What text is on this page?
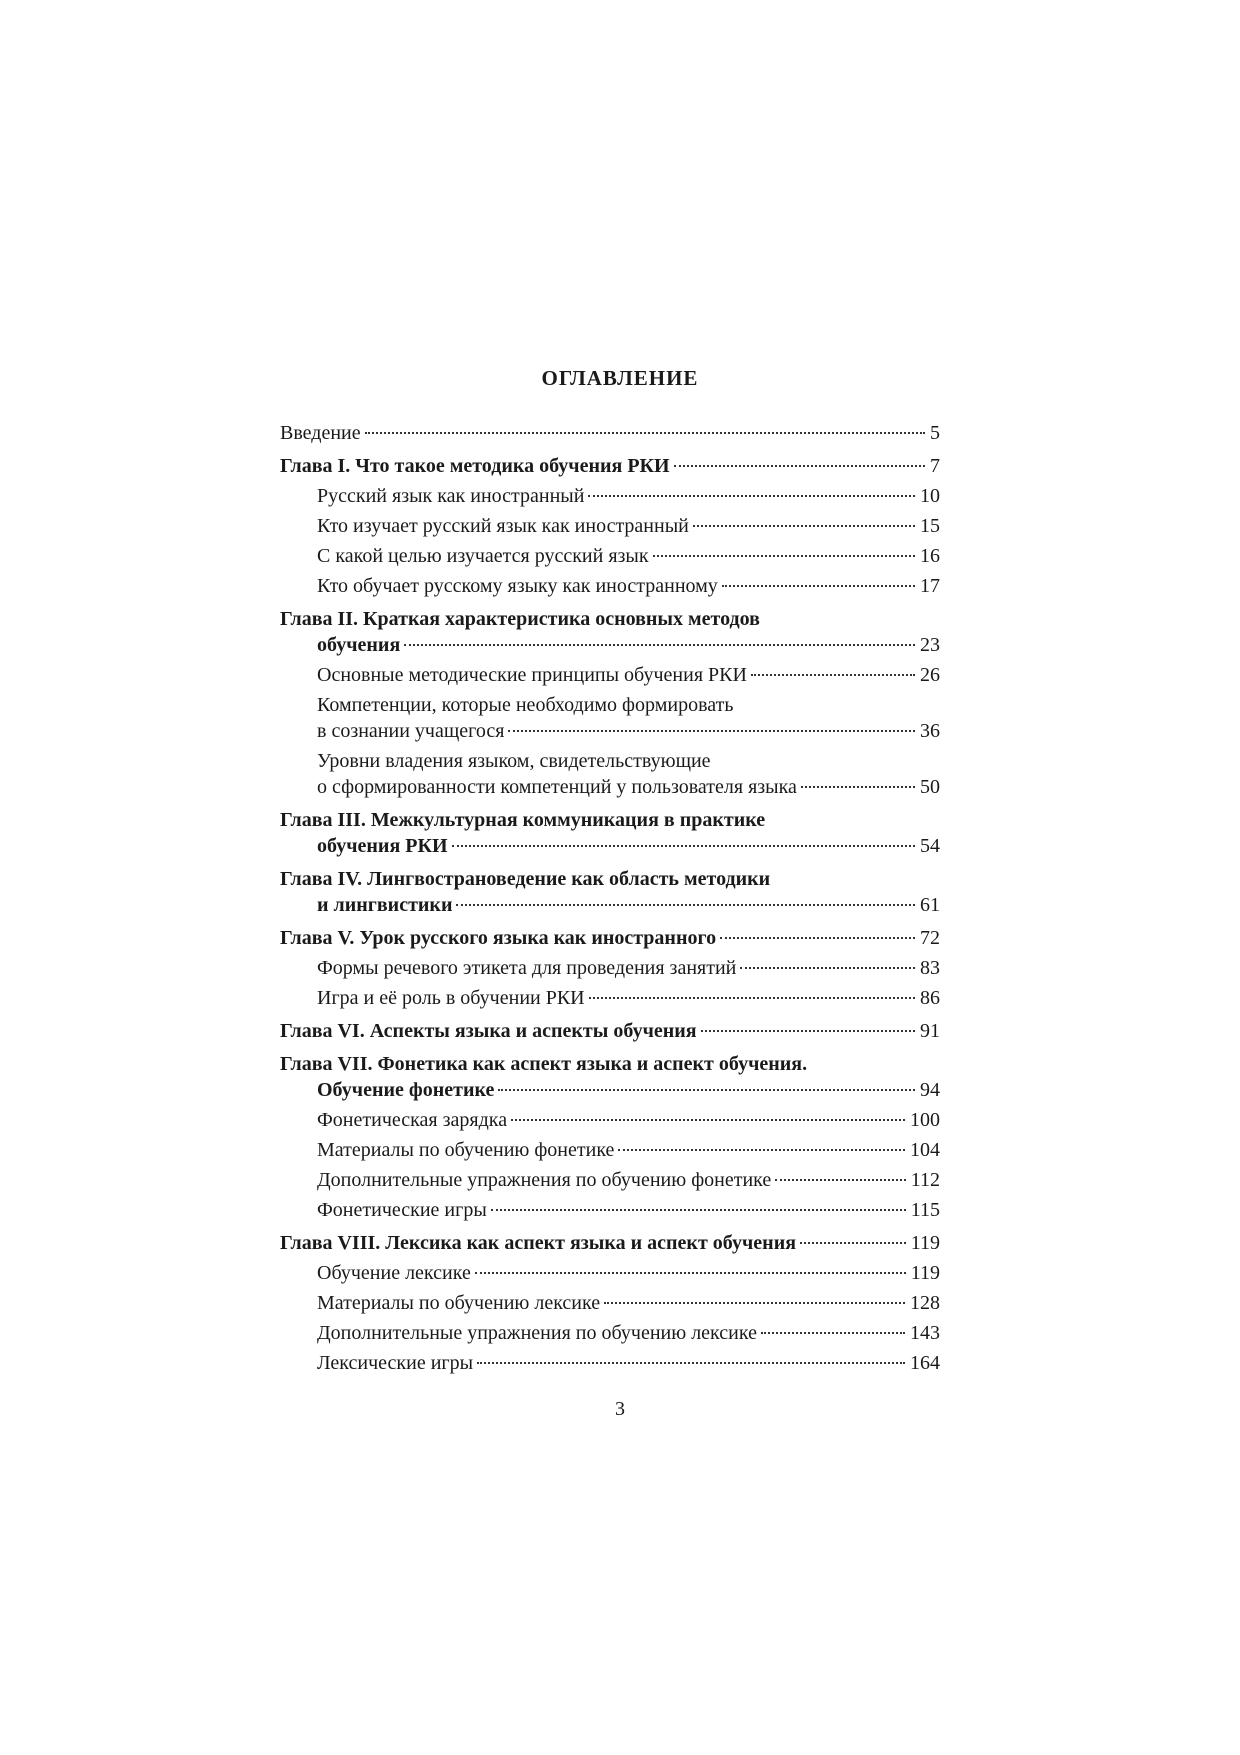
ОГЛАВЛЕНИЕ
Введение	5
Глава I. Что такое методика обучения РКИ	7
Русский язык как иностранный	10
Кто изучает русский язык как иностранный	15
С какой целью изучается русский язык	16
Кто обучает русскому языку как иностранному	17
Глава II. Краткая характеристика основных методов
обучения	23
Основные методические принципы обучения РКИ	26
Компетенции, которые необходимо формировать
в сознании учащегося	36
Уровни владения языком, свидетельствующие
о сформированности компетенций у пользователя языка	50
Глава III. Межкультурная коммуникация в практике
обучения РКИ	54
Глава IV. Лингвострановедение как область методики
и лингвистики	61
Глава V. Урок русского языка как иностранного	72
Формы речевого этикета для проведения занятий	83
Игра и её роль в обучении РКИ	86
Глава VI. Аспекты языка и аспекты обучения	91
Глава VII. Фонетика как аспект языка и аспект обучения.
Обучение фонетике	94
Фонетическая зарядка	100
Материалы по обучению фонетике	104
Дополнительные упражнения по обучению фонетике	112
Фонетические игры	115
Глава VIII. Лексика как аспект языка и аспект обучения	119
Обучение лексике	119
Материалы по обучению лексике	128
Дополнительные упражнения по обучению лексике	143
Лексические игры	164
3
